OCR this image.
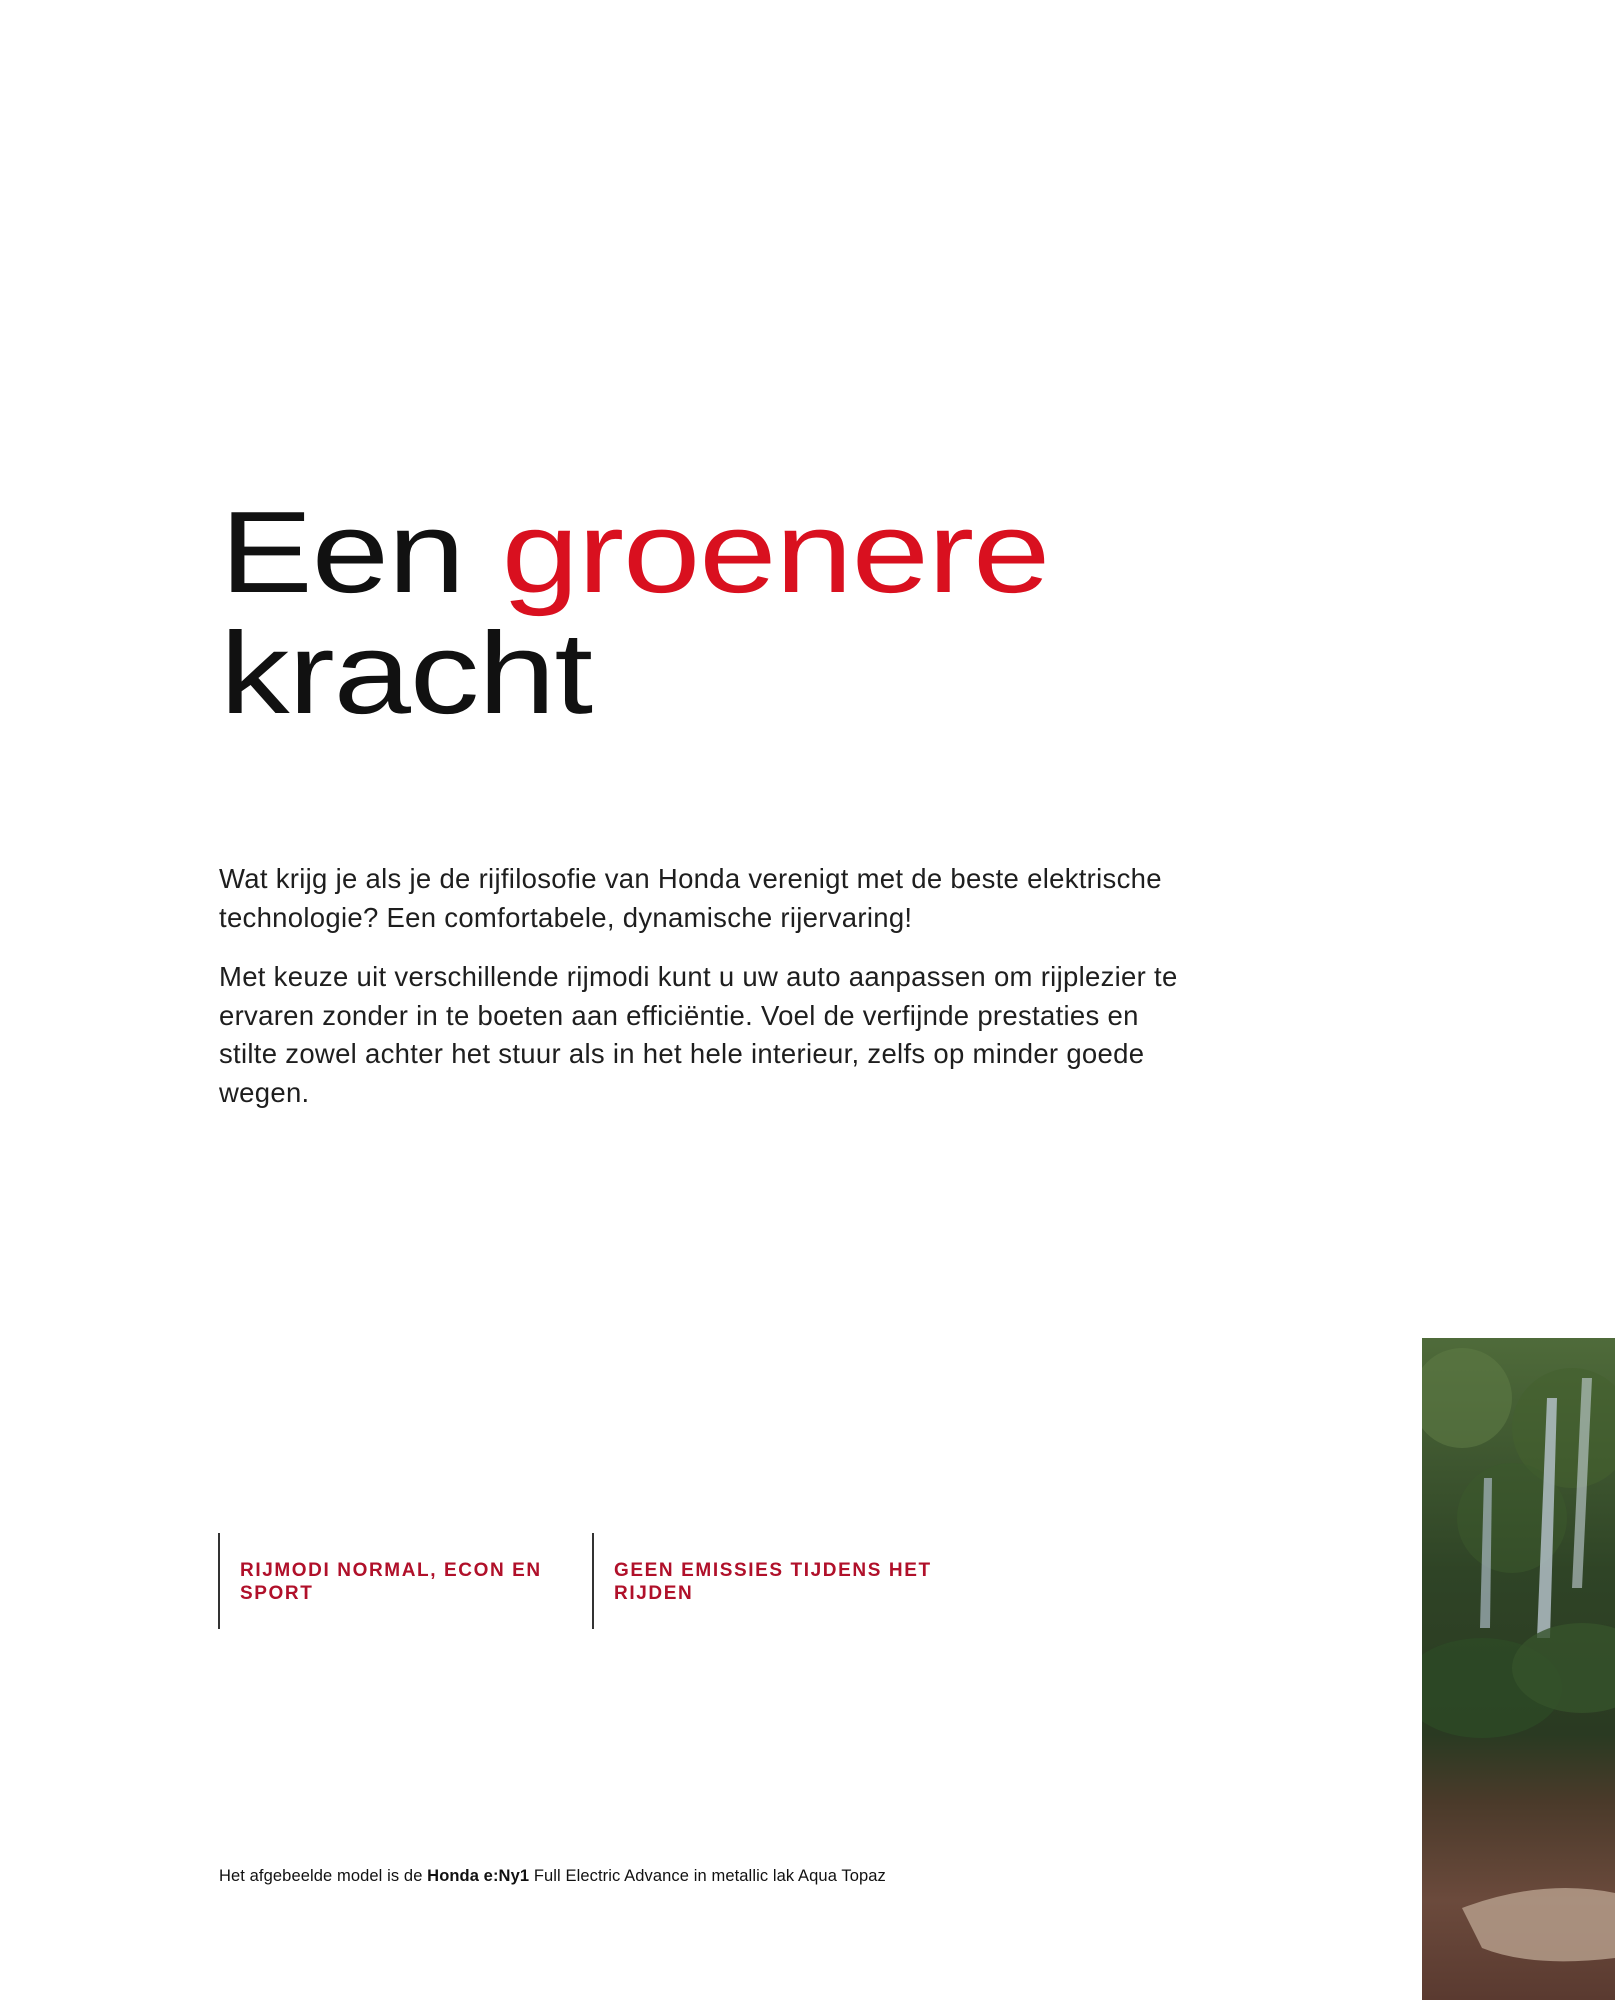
Een groenere
kracht

Wat krijg je als je de rijfilosofie van Honda verenigt met de beste elektrische technologie? Een comfortabele, dynamische rijervaring!

Met keuze uit verschillende rijmodi kunt u uw auto aanpassen om rijplezier te ervaren zonder in te boeten aan efficiëntie. Voel de verfijnde prestaties en stilte zowel achter het stuur als in het hele interieur, zelfs op minder goede wegen.

RIJMODI NORMAL, ECON EN SPORT
GEEN EMISSIES TIJDENS HET RIJDEN
Het afgebeelde model is de Honda e:Ny1 Full Electric Advance in metallic lak Aqua Topaz
